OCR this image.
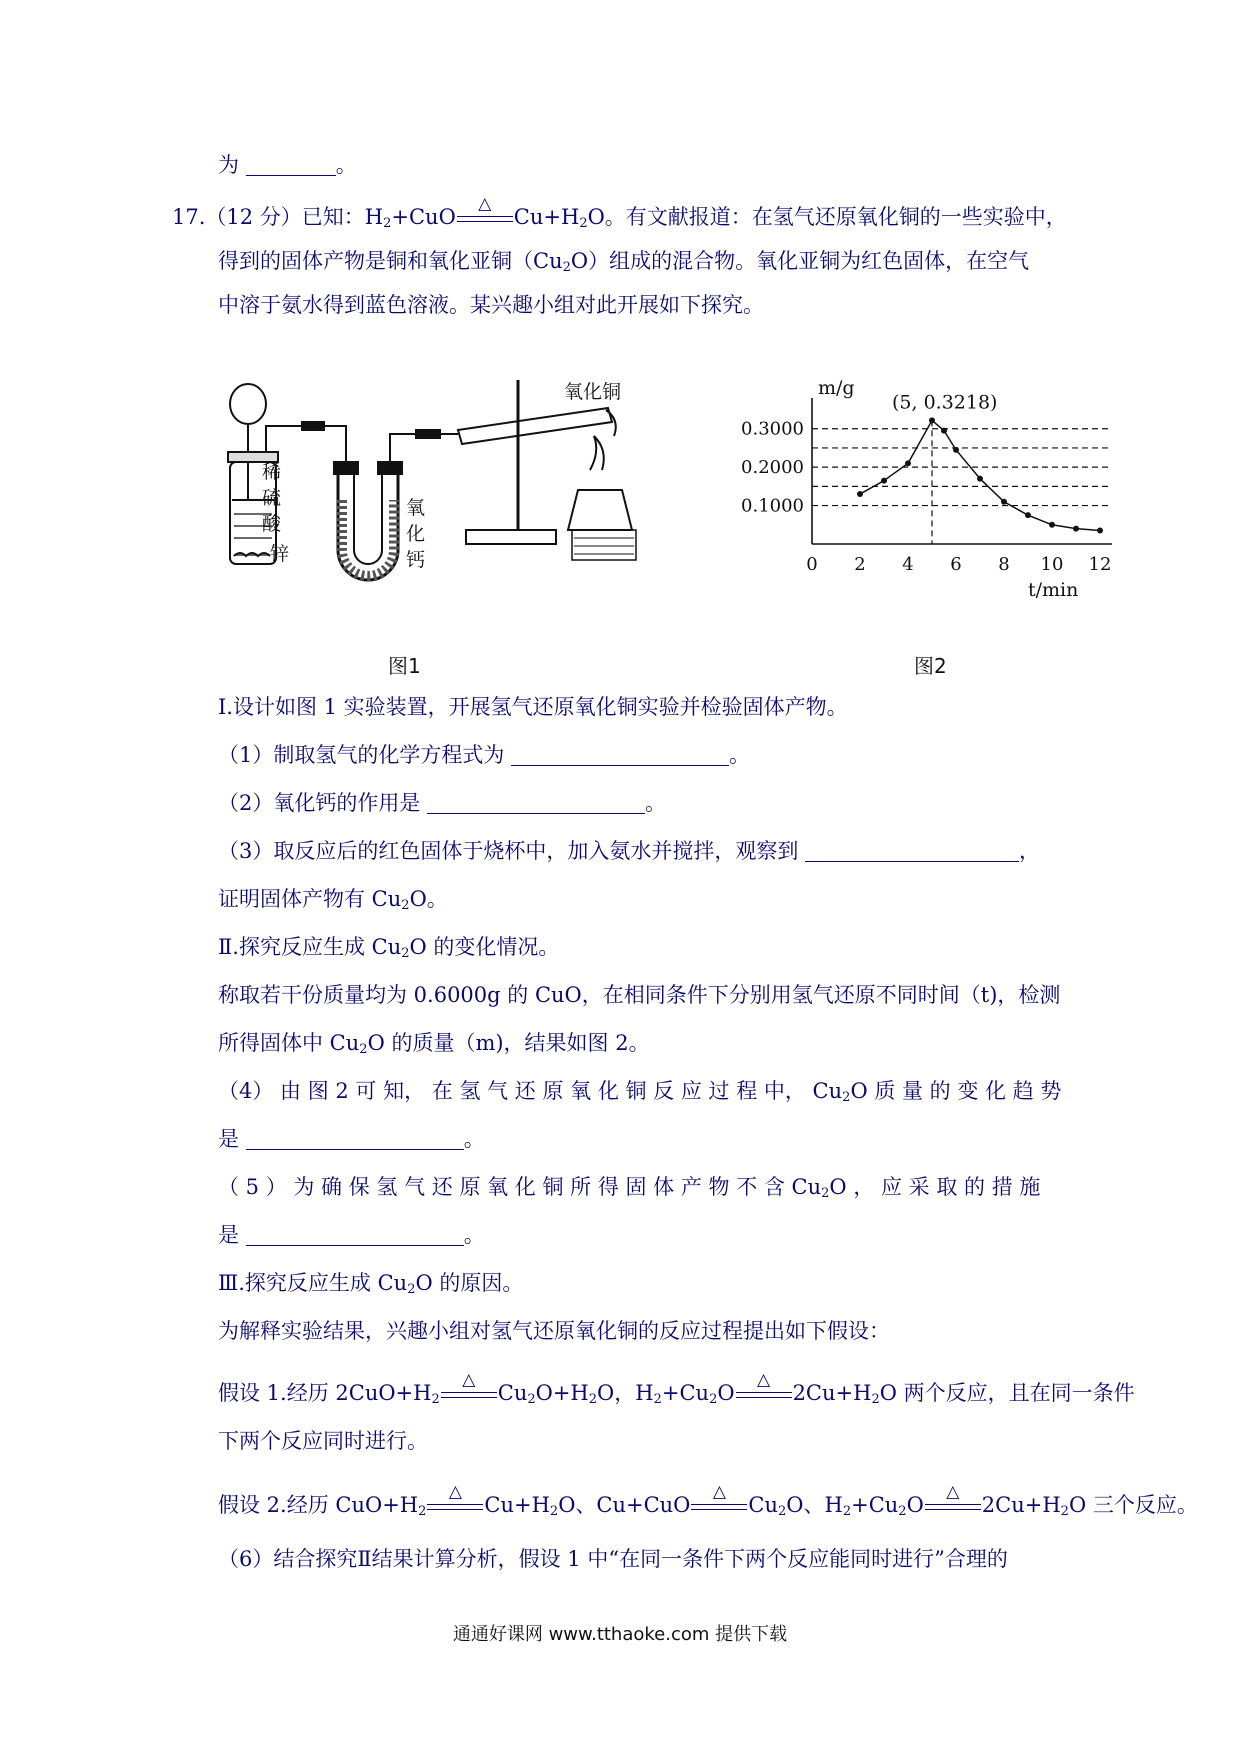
为	。
17.（12 分）已知：$H_2+CuO$
△
$Cu+H_2O$。有文献报道：在氢气还原氧化铜的一些实验中，
得到的固体产物是铜和氧化亚铜$(Cu_2O)$组成的混合物。氧化亚铜为红色固体，在空气
中溶于氨水得到蓝色溶液。某兴趣小组对此开展如下探究。
稀
硫
酸
锌
氧
化
钙
氧化铜
图1
0.1000
0.2000
0.3000
0 2 4 6 8 10 12
m/g
t/min
(5, 0.3218)
图2
Ⅰ.设计如图 1 实验装置，开展氢气还原氧化铜实验并检验固体产物。
（1）制取氢气的化学方程式为	。
（2）氧化钙的作用是	。
（3）取反应后的红色固体于烧杯中，加入氨水并搅拌，观察到	，
证明固体产物有 $Cu_2O$。
Ⅱ.探究反应生成 $Cu_2O$ 的变化情况。
称取若干份质量均为 0.6000g 的 CuO，在相同条件下分别用氢气还原不同时间（t)，检测
所得固体中 $Cu_2O$ 的质量（m)，结果如图 2。
（4） 由 图 2 可 知， 在 氢 气 还 原 氧 化 铜 反 应 过 程 中， $Cu_2O$ 质 量 的 变 化 趋 势
是	。
（ 5 ） 为 确 保 氢 气 还 原 氧 化 铜 所 得 固 体 产 物 不 含 $Cu_2O$ ， 应 采 取 的 措 施
是	。
Ⅲ.探究反应生成 $Cu_2O$ 的原因。
为解释实验结果，兴趣小组对氢气还原氧化铜的反应过程提出如下假设：
假设 1.经历 $2CuO+H_2$
△
$Cu_2O+H_2O$，$H_2+Cu_2O$
△
$2Cu+H_2O$ 两个反应，且在同一条件
下两个反应同时进行。
假设 2.经历 $CuO+H_2$
△
$Cu+H_2O$、Cu+CuO
△
$Cu_2O$、$H_2+Cu_2O$
△
$2Cu+H_2O$ 三个反应。
（6）结合探究Ⅱ结果计算分析，假设 1 中“在同一条件下两个反应能同时进行”合理的
通通好课网 www.tthaoke.com 提供下载
